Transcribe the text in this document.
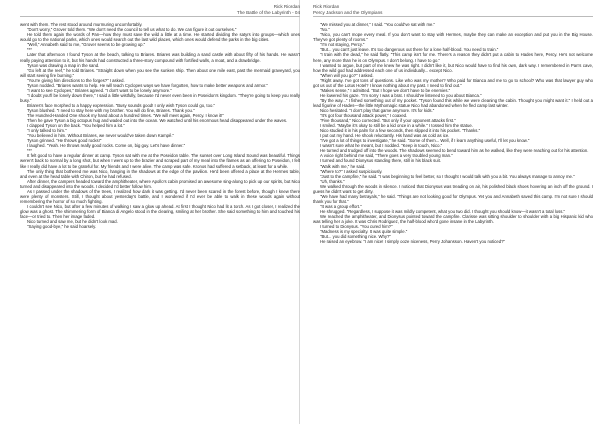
Rick Riordan
The Battle of the Labyrinth - 04

went with them. The rest stood around murmuring uncomfortably.

"Don't worry," Grover told them. "We don't need the council to tell us what to do. We can figure it out ourselves."

He told them again the words of Pan—how they must save the wild a little at a time. He started dividing the satyrs into groups—which ones would go to the national parks, which ones would search out the last wild places, which ones would defend the parks in the big cities.

"Well," Annabeth said to me, "Grover seems to be growing up."

***

Later that afternoon I found Tyson at the beach, talking to Briares. Briares was building a sand castle with about fifty of his hands. He wasn't really paying attention to it, but his hands had constructed a three-story compound with fortified walls, a moat, and a drawbridge.

Tyson was drawing a map in the sand.

"Go left at the reef," he told Briares. "Straight down when you see the sunken ship. Then about one mile east, past the mermaid graveyard, you will start seeing fire burning."

"You're giving him directions to the forges?" I asked.

Tyson nodded. "Briares wants to help. He will teach Cyclopes ways we have forgotten, how to make better weapons and armor."

"I want to see Cyclopes," Briares agreed. "I don't want to be lonely anymore."

"I doubt you'll be lonely down there," I said a little wistfully, because I'd never even been in Poseidon's kingdom. "They're going to keep you really busy."

Briares's face morphed to a happy expression. "Busy sounds good! I only wish Tyson could go, too."

Tyson blushed. "I need to stay here with my brother. You will do fine, Briares. Thank you."

The Hundred-Handed One shook my hand about a hundred times. "We will meet again, Percy. I know it!"

Then he gave Tyson a big octopus hug and waded out into the ocean. We watched until his enormous head disappeared under the waves.

I clapped Tyson on the back. "You helped him a lot."

"I only talked to him."

"You believed in him. Without Briares, we never would've taken down Kampê."

Tyson grinned. "He throws good rocks!"

I laughed. "Yeah. He throws really good rocks. Come on, big guy. Let's have dinner."

***

It felt good to have a regular dinner at camp. Tyson sat with me at the Poseidon table. The sunset over Long Island Sound was beautiful. Things weren't back to normal by a long shot, but when I went up to the brazier and scraped part of my meal into the flames as an offering to Poseidon, I felt like I really did have a lot to be grateful for. My friends and I were alive. The camp was safe. Kronos had suffered a setback, at least for a while.

The only thing that bothered me was Nico, hanging in the shadows at the edge of the pavilion. He'd been offered a place at the Hermes table, and even at the head table with Chiron, but he had refused.

After dinner, the campers headed toward the amphitheater, where Apollo's cabin promised an awesome sing-along to pick up our spirits, but Nico turned and disappeared into the woods. I decided I'd better follow him.

As I passed under the shadows of the trees, I realized how dark it was getting. I'd never been scared in the forest before, though I knew there were plenty of monsters. Still, I thought about yesterday's battle, and I wondered if I'd ever be able to walk in these woods again without remembering the horror of so much fighting.

I couldn't see Nico, but after a few minutes of walking I saw a glow up ahead. At first I thought Nico had lit a torch. As I got closer, I realized the glow was a ghost. The shimmering form of Bianca di Angelo stood in the clearing, smiling at her brother. She said something to him and touched his face—or tried to. Then her image faded.

Nico turned and saw me, but he didn't look mad.

"Saying good-bye," he said hoarsely.

Rick Riordan
Percy Jackson and the Olympians

"We missed you at dinner," I said. "You could've sat with me."

"No."

"Nico, you can't mope every meal. If you don't want to stay with Hermes, maybe they can make an exception and put you in the Big House. They've got plenty of rooms."

"I'm not staying, Percy."

"But... you can't just leave. It's too dangerous out there for a lone half-blood. You need to train."

"I train with the dead," he said flatly. "This camp isn't for me. There's a reason they didn't put a cabin to Hades here, Percy. He's not welcome here, any more than he is on Olympus. I don't belong. I have to go."

I wanted to argue, but part of me knew he was right. I didn't like it, but Nico would have to find his own, dark way. I remembered in Pan's cave, how the wild god had addressed each one of us individually... except Nico.

"When will you go?" I asked.

"Right away. I've got tons of questions. Like who was my mother? Who paid for Bianca and me to go to school? Who was that lawyer guy who got us out of the Lotus Hotel? I know nothing about my past. I need to find out."

"Makes sense," I admitted. "But I hope we don't have to be enemies."

He lowered his gaze. "I'm sorry I was a brat. I should've listened to you about Bianca."

"By the way..." I fished something out of my pocket. "Tyson found this while we were cleaning the cabin. Thought you might want it." I held out a lead figurine of Hades—the little Mythomagic statue Nico had abandoned when he fled camp last winter.

Nico hesitated. "I don't play that game anymore. It's for kids."

"It's got four thousand attack power," I coaxed.

"Five thousand," Nico corrected. "But only if your opponent attacks first."

I smiled. "Maybe it's okay to still be a kid once in a while." I tossed him the statue.

Nico studied it in his palm for a few seconds, then slipped it into his pocket. "Thanks."

I put out my hand. He shook reluctantly. His hand was as cold as ice.

"I've got a lot of things to investigate," he said. "Some of them... Well, if I learn anything useful, I'll let you know."

I wasn't sure what he meant, but I nodded. "Keep in touch, Nico."

He turned and trudged off into the woods. The shadows seemed to bend toward him as he walked, like they were reaching out for his attention.

A voice right behind me said, "There goes a very troubled young man."

I turned and found Dionysus standing there, still in his black suit.

"Walk with me," he said.

"Where to?" I asked suspiciously.

"Just to the campfire," he said. "I was beginning to feel better, so I thought I would talk with you a bit. You always manage to annoy me."

"Uh, thanks."

We walked through the woods in silence. I noticed that Dionysus was treading on air, his polished black shoes hovering an inch off the ground. I guess he didn't want to get dirty.

"We have had many betrayals," he said. "Things are not looking good for Olympus. Yet you and Annabeth saved this camp. I'm not sure I should thank you for that."

"It was a group effort."

He shrugged. "Regardless, I suppose it was mildly competent, what you two did. I thought you should know—it wasn't a total loss."

We reached the amphitheater, and Dionysus pointed toward the campfire. Clarisse was sitting shoulder to shoulder with a big Hispanic kid who was telling her a joke. It was Chris Rodriguez, the half-blood who'd gone insane in the Labyrinth.

I turned to Dionysus. "You cured him?"

"Madness is my specialty. It was quite simple."

"But... you did something nice. Why?"

He raised an eyebrow. "I am nice! I simply ooze niceness, Perry Johansson. Haven't you noticed?"
